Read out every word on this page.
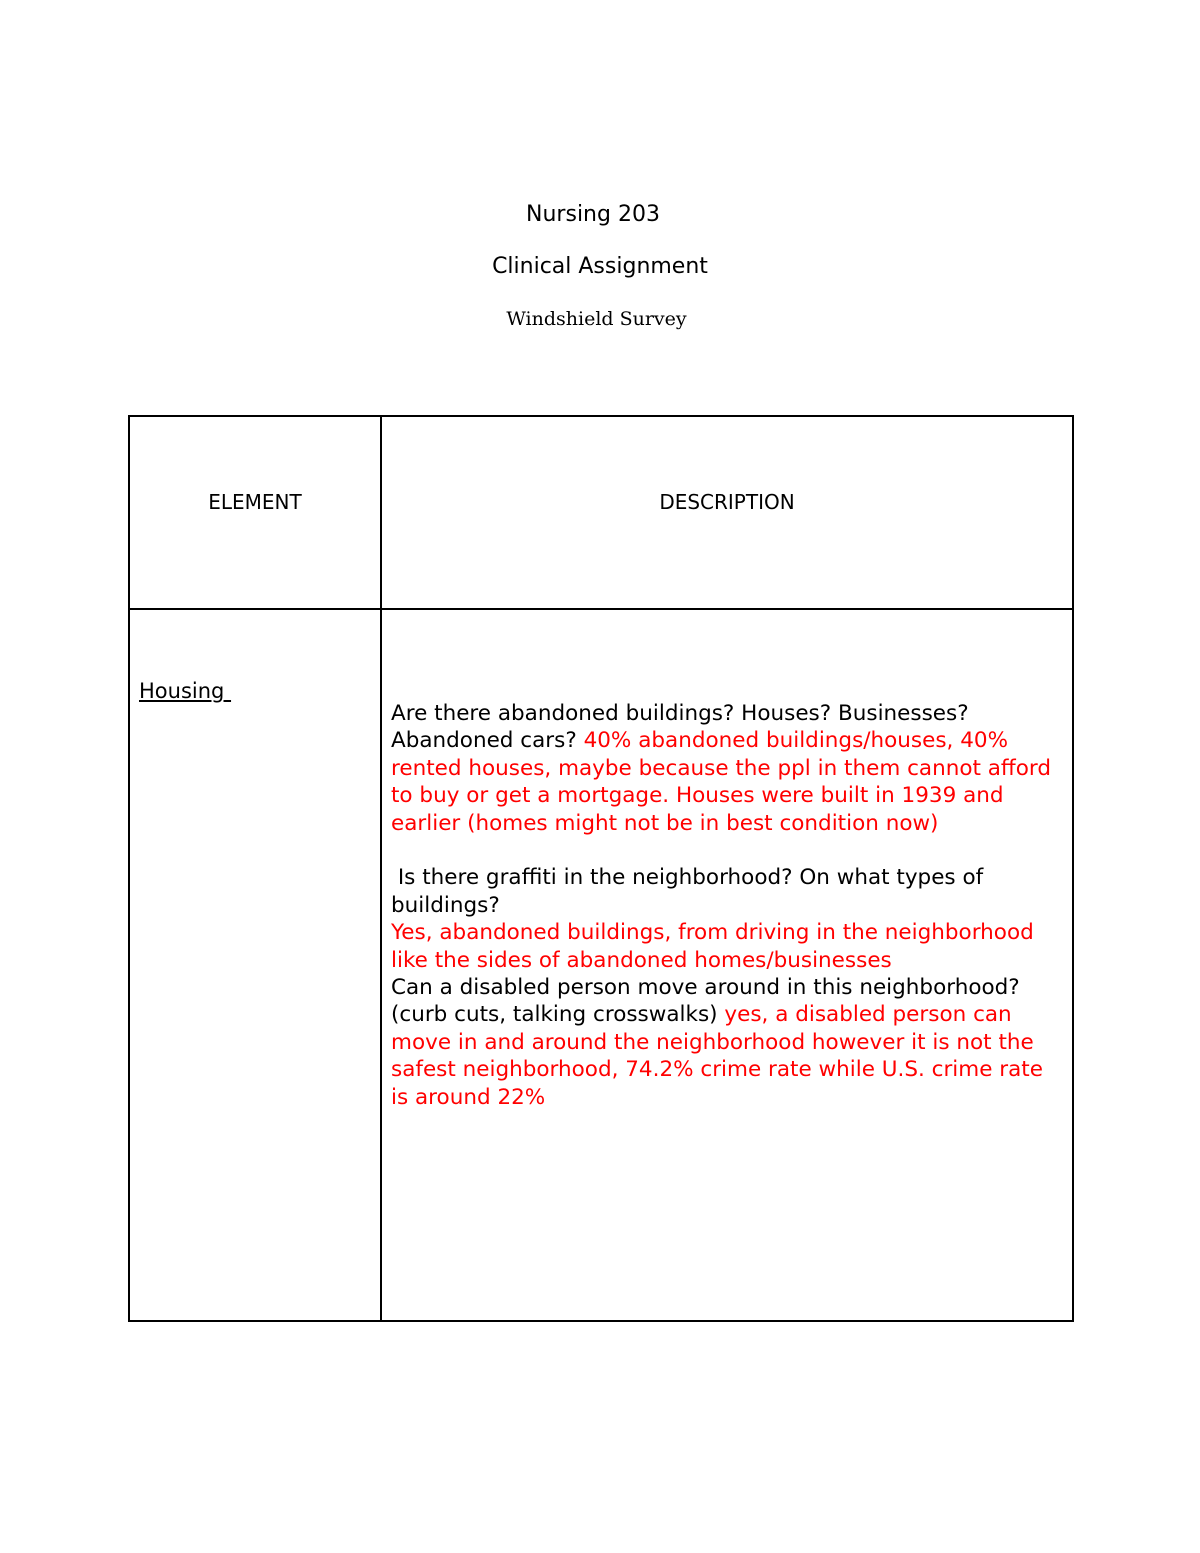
Nursing 203
Clinical Assignment
Windshield Survey
ELEMENT	DESCRIPTION

Housing	Are there abandoned buildings? Houses? Businesses? Abandoned cars? 40% abandoned buildings/houses, 40% rented houses, maybe because the ppl in them cannot afford to buy or get a mortgage. Houses were built in 1939 and earlier (homes might not be in best condition now)

Is there graffiti in the neighborhood? On what types of buildings?

Yes, abandoned buildings, from driving in the neighborhood like the sides of abandoned homes/businesses

Can a disabled person move around in this neighborhood? (curb cuts, talking crosswalks) yes, a disabled person can move in and around the neighborhood however it is not the safest neighborhood, 74.2% crime rate while U.S. crime rate is around 22%
